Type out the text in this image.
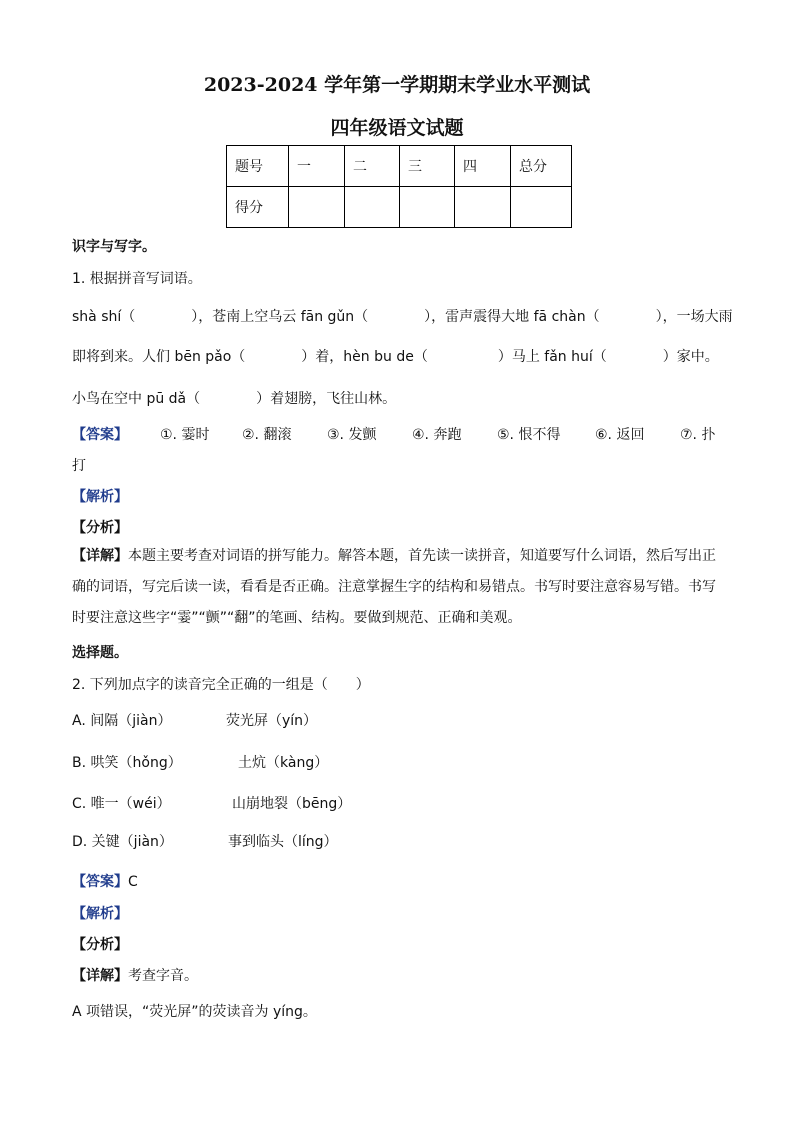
2023-2024 学年第一学期期末学业水平测试
四年级语文试题
题号	一	二	三	四	总分
得分					
识字与写字。
1. 根据拼音写词语。
shà shí（　　　　），苍南上空乌云 fān gǔn（　　　　），雷声震得大地 fā chàn（　　　　），一场大雨
即将到来。人们 bēn pǎo（　　　　）着，hèn bu de（　　　　　）马上 fǎn huí（　　　　）家中。
小鸟在空中 pū dǎ（　　　　）着翅膀，飞往山林。
【答案】 ①. 霎时 ②. 翻滚	③. 发颤	④. 奔跑	⑤. 恨不得 ⑥. 返回	⑦. 扑
打
【解析】
【分析】
【详解】本题主要考查对词语的拼写能力。解答本题，首先读一读拼音，知道要写什么词语，然后写出正确的词语，写完后读一读，看看是否正确。注意掌握生字的结构和易错点。书写时要注意容易写错。书写时要注意这些字“霎”“颤”“翻”的笔画、结构。要做到规范、正确和美观。
选择题。
2. 下列加点字的读音完全正确的一组是（　　）
A. 间隔（jiàn）	荧光屏（yín）
B. 哄笑（hǒng）	土炕（kàng）
C. 唯一（wéi）	山崩地裂（bēng）
D. 关键（jiàn）	事到临头（líng）
【答案】C
【解析】
【分析】
【详解】考查字音。
A 项错误，“荧光屏”的荧读音为 yíng。
